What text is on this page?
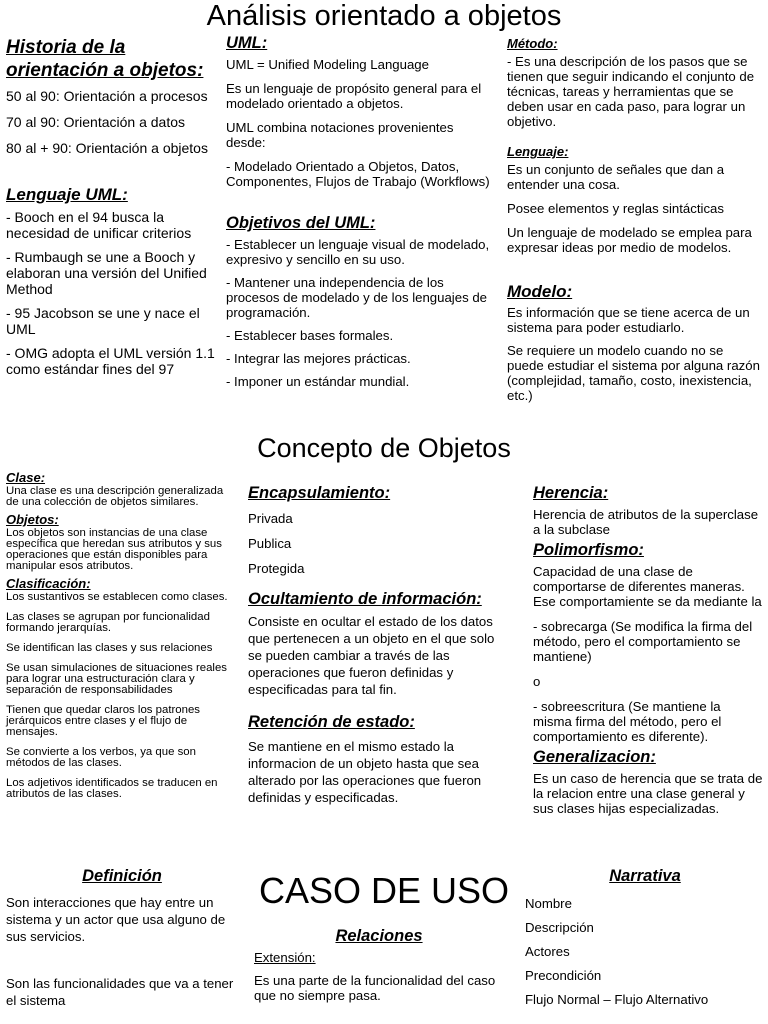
Análisis orientado a objetos
Historia de la orientación a objetos:

50 al 90: Orientación a procesos

70 al 90: Orientación a datos

80 al + 90: Orientación a objetos

Lenguaje UML:

- Booch en el 94 busca la necesidad de unificar criterios

- Rumbaugh se une a Booch y elaboran una versión del Unified Method

- 95 Jacobson se une y nace el UML

- OMG adopta el UML versión 1.1 como estándar fines del 97

UML:

UML = Unified Modeling Language

Es un lenguaje de propósito general para el modelado orientado a objetos.

UML combina notaciones provenientes desde:

- Modelado Orientado a Objetos, Datos, Componentes, Flujos de Trabajo (Workflows)

Objetivos del UML:

- Establecer un lenguaje visual de modelado, expresivo y sencillo en su uso.

- Mantener una independencia de los procesos de modelado y de los lenguajes de programación.

- Establecer bases formales.

- Integrar las mejores prácticas.

- Imponer un estándar mundial.

Método:

- Es una descripción de los pasos que se tienen que seguir indicando el conjunto de técnicas, tareas y herramientas que se deben usar en cada paso, para lograr un objetivo.

Lenguaje:

Es un conjunto de señales que dan a entender una cosa.

Posee elementos y reglas sintácticas

Un lenguaje de modelado se emplea para expresar ideas por medio de modelos.

Modelo:

Es información que se tiene acerca de un sistema para poder estudiarlo.

Se requiere un modelo cuando no se puede estudiar el sistema por alguna razón (complejidad, tamaño, costo, inexistencia, etc.)

Concepto de Objetos
Clase:

Una clase es una descripción generalizada de una colección de objetos similares.

Objetos:

Los objetos son instancias de una clase específica que heredan sus atributos y sus operaciones que están disponibles para manipular esos atributos.

Clasificación:

Los sustantivos se establecen como clases.

Las clases se agrupan por funcionalidad formando jerarquías.

Se identifican las clases y sus relaciones

Se usan simulaciones de situaciones reales para lograr una estructuración clara y separación de responsabilidades

Tienen que quedar claros los patrones jerárquicos entre clases y el flujo de mensajes.

Se convierte a los verbos, ya que son métodos de las clases.

Los adjetivos identificados se traducen en atributos de las clases.

Encapsulamiento:

Privada

Publica

Protegida

Ocultamiento de información:

Consiste en ocultar el estado de los datos que pertenecen a un objeto en el que solo se pueden cambiar a través de las operaciones que fueron definidas y especificadas para tal fin.

Retención de estado:

Se mantiene en el mismo estado la informacion de un objeto hasta que sea alterado por las operaciones que fueron definidas y especificadas.

Herencia:

Herencia de atributos de la superclase a la subclase

Polimorfismo:

Capacidad de una clase de comportarse de diferentes maneras. Ese comportamiente se da mediante la

- sobrecarga (Se modifica la firma del método, pero el comportamiento se mantiene)

o

- sobreescritura (Se mantiene la misma firma del método, pero el comportamiento es diferente).

Generalizacion:

Es un caso de herencia que se trata de la relacion entre una clase general y sus clases hijas especializadas.

CASO DE USO
Definición

Son interacciones que hay entre un sistema y un actor que usa alguno de sus servicios.

Son las funcionalidades que va a tener el sistema

Relaciones

Extensión:

Es una parte de la funcionalidad del caso que no siempre pasa.

Narrativa

Nombre

Descripción

Actores

Precondición

Flujo Normal – Flujo Alternativo
